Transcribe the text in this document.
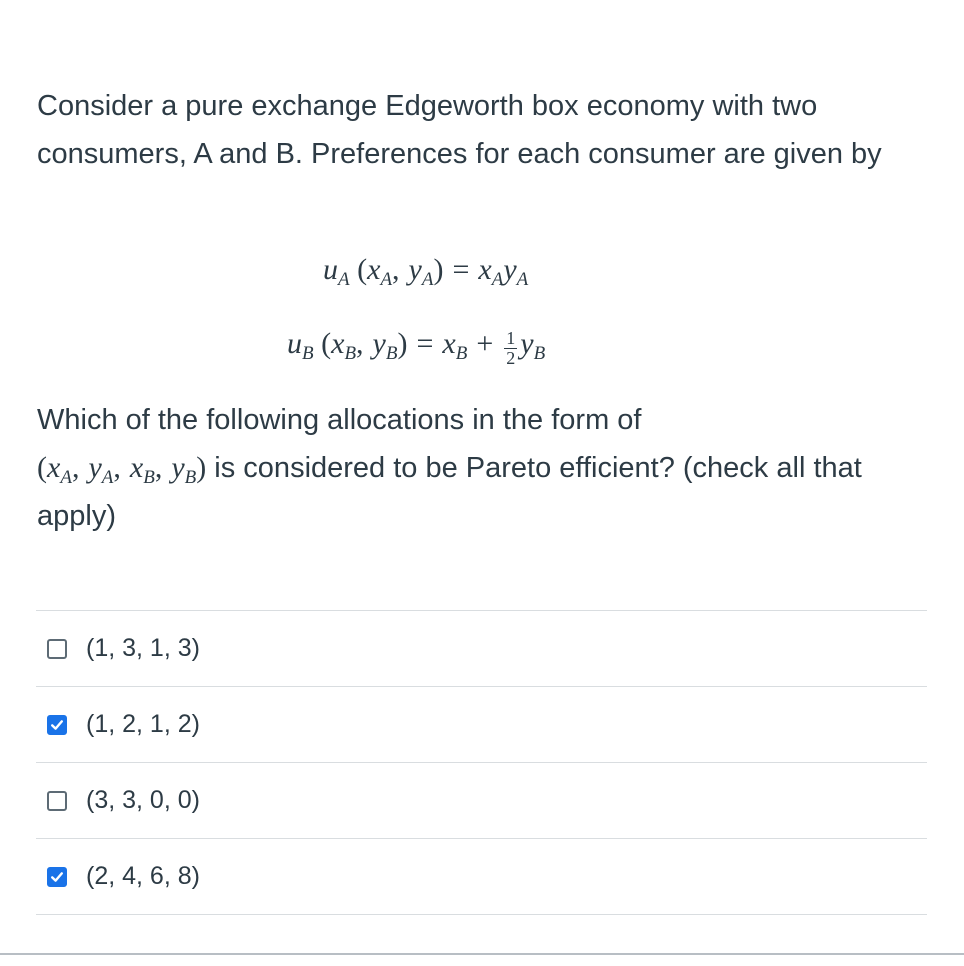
Consider a pure exchange Edgeworth box economy with two consumers, A and B. Preferences for each consumer are given by
$u_A$ ($x_A$, $y_A) = x_Ay_A$
$u_B$ ($x_B$, $y_B) = x_B + \frac{1}{2} y_B$
Which of the following allocations in the form of
($x_A$, $y_A$, $x_B$, $y_B$) is considered to be Pareto efficient? (check all that apply)
(1, 3, 1, 3)
(1, 2, 1, 2)
(3, 3, 0, 0)
(2, 4, 6, 8)
